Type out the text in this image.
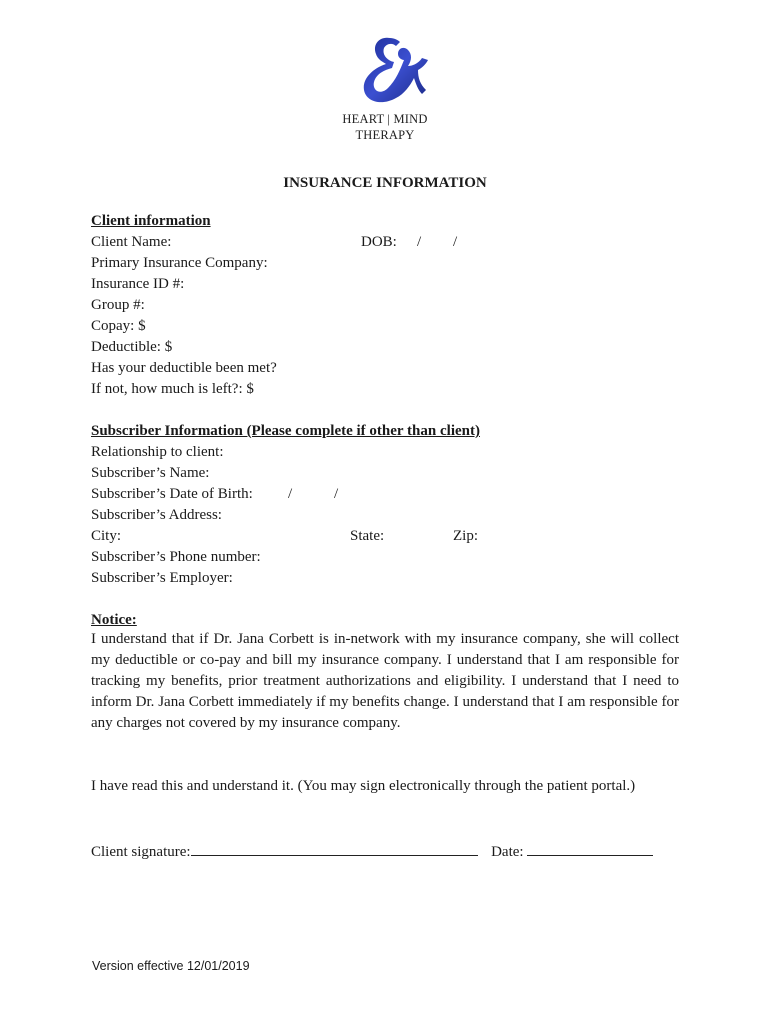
HEART | MIND
THERAPY
INSURANCE INFORMATION
Client information
Client Name:	DOB: / /
Primary Insurance Company:
Insurance ID #:
Group #:
Copay: $
Deductible: $
Has your deductible been met?
If not, how much is left?: $
Subscriber Information (Please complete if other than client)
Relationship to client:
Subscriber’s Name:
Subscriber’s Date of Birth: /	/
Subscriber’s Address:
City:	State:	Zip:
Subscriber’s Phone number:
Subscriber’s Employer:
Notice:
I understand that if Dr. Jana Corbett is in-network with my insurance company, she will collect my deductible or co-pay and bill my insurance company. I understand that I am responsible for tracking my benefits, prior treatment authorizations and eligibility. I understand that I need to inform Dr. Jana Corbett immediately if my benefits change. I understand that I am responsible for any charges not covered by my insurance company.
I have read this and understand it. (You may sign electronically through the patient portal.)
Client signature:	Date:
Version effective 12/01/2019
